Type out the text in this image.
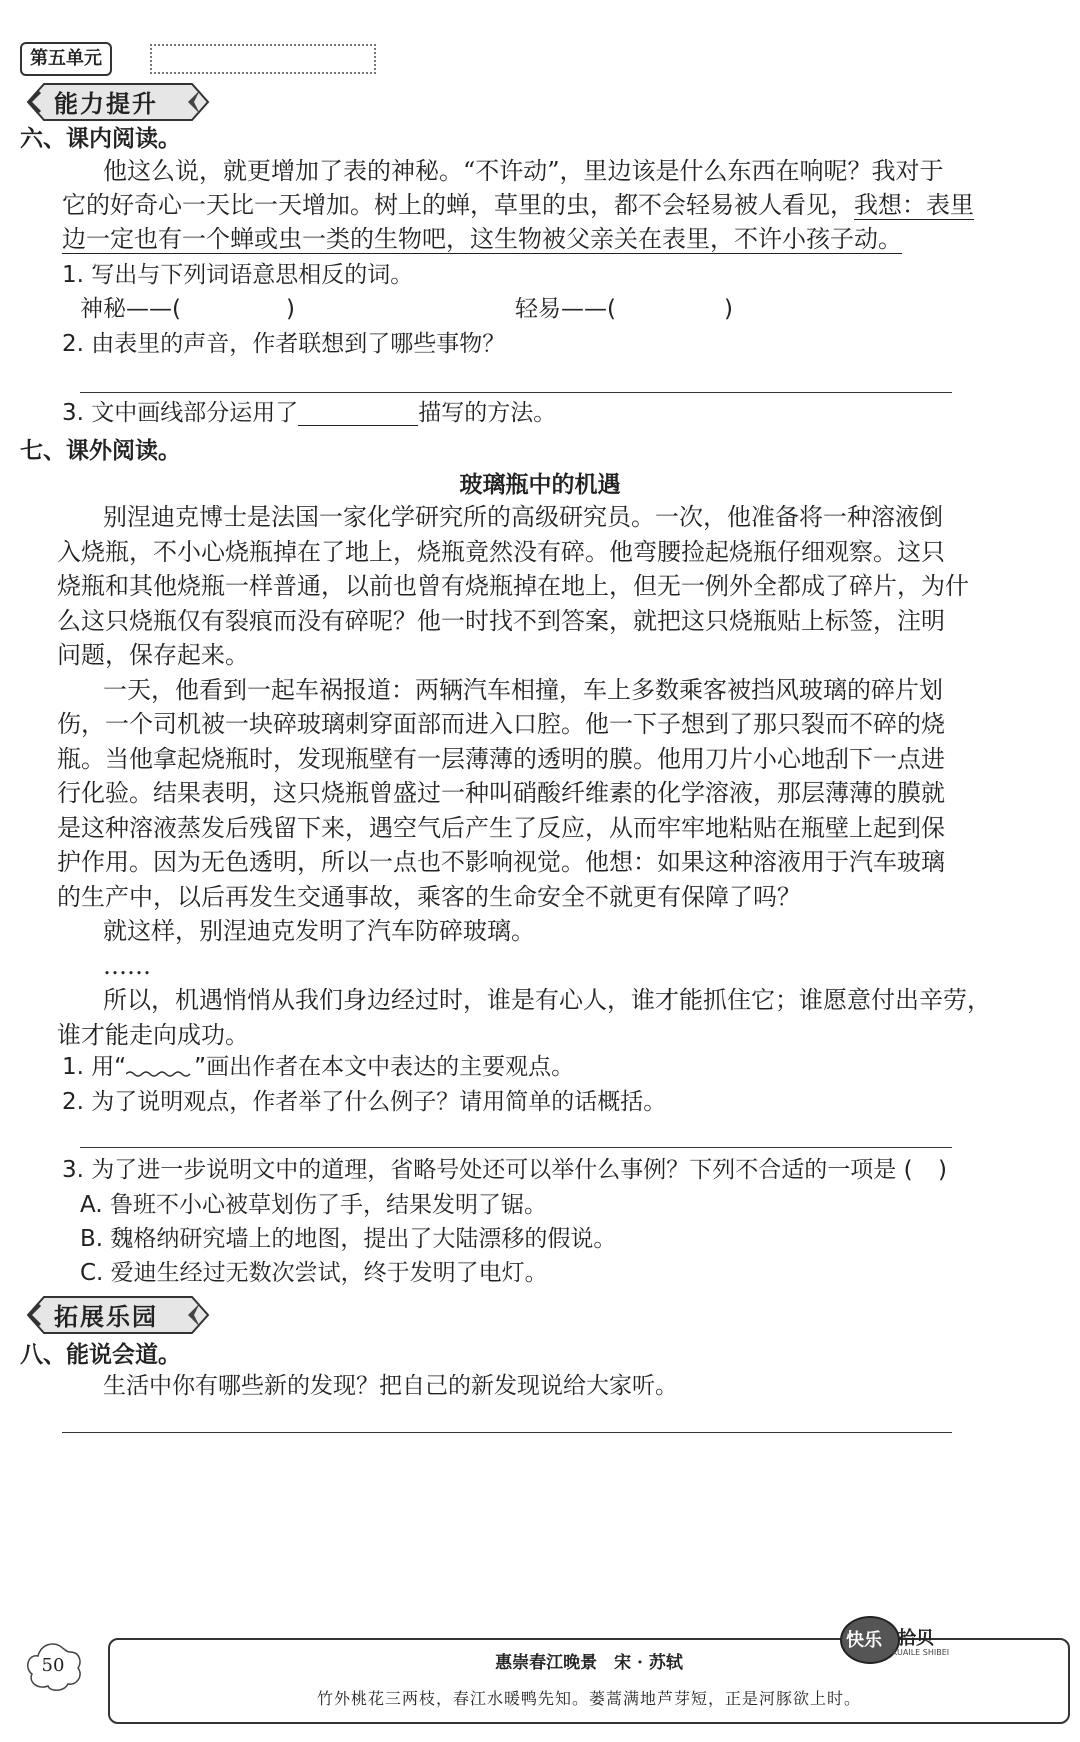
第五单元
能力提升
六、课内阅读。
他这么说，就更增加了表的神秘。“不许动”，里边该是什么东西在响呢？我对于
它的好奇心一天比一天增加。树上的蝉，草里的虫，都不会轻易被人看见，我想：表里
边一定也有一个蝉或虫一类的生物吧，这生物被父亲关在表里，不许小孩子动。
1. 写出与下列词语意思相反的词。
神秘——(	)	轻易——(	)
2. 由表里的声音，作者联想到了哪些事物？
3. 文中画线部分运用了	描写的方法。
七、课外阅读。
玻璃瓶中的机遇
别涅迪克博士是法国一家化学研究所的高级研究员。一次，他准备将一种溶液倒
入烧瓶，不小心烧瓶掉在了地上，烧瓶竟然没有碎。他弯腰捡起烧瓶仔细观察。这只
烧瓶和其他烧瓶一样普通，以前也曾有烧瓶掉在地上，但无一例外全都成了碎片，为什
么这只烧瓶仅有裂痕而没有碎呢？他一时找不到答案，就把这只烧瓶贴上标签，注明
问题，保存起来。
一天，他看到一起车祸报道：两辆汽车相撞，车上多数乘客被挡风玻璃的碎片划
伤，一个司机被一块碎玻璃刺穿面部而进入口腔。他一下子想到了那只裂而不碎的烧
瓶。当他拿起烧瓶时，发现瓶壁有一层薄薄的透明的膜。他用刀片小心地刮下一点进
行化验。结果表明，这只烧瓶曾盛过一种叫硝酸纤维素的化学溶液，那层薄薄的膜就
是这种溶液蒸发后残留下来，遇空气后产生了反应，从而牢牢地粘贴在瓶壁上起到保
护作用。因为无色透明，所以一点也不影响视觉。他想：如果这种溶液用于汽车玻璃
的生产中，以后再发生交通事故，乘客的生命安全不就更有保障了吗？
就这样，别涅迪克发明了汽车防碎玻璃。
……
所以，机遇悄悄从我们身边经过时，谁是有心人，谁才能抓住它；谁愿意付出辛劳，
谁才能走向成功。
1. 用“	”画出作者在本文中表达的主要观点。
2. 为了说明观点，作者举了什么例子？请用简单的话概括。
3. 为了进一步说明文中的道理，省略号处还可以举什么事例？下列不合适的一项是 ( )
A. 鲁班不小心被草划伤了手，结果发明了锯。
B. 魏格纳研究墙上的地图，提出了大陆漂移的假说。
C. 爱迪生经过无数次尝试，终于发明了电灯。
拓展乐园
八、能说会道。
生活中你有哪些新的发现？把自己的新发现说给大家听。
50	惠崇春江晚景　宋 · 苏轼
竹外桃花三两枝，春江水暖鸭先知。蒌蒿满地芦芽短，正是河豚欲上时。
快乐 拾贝
KUAILE SHIBEI
